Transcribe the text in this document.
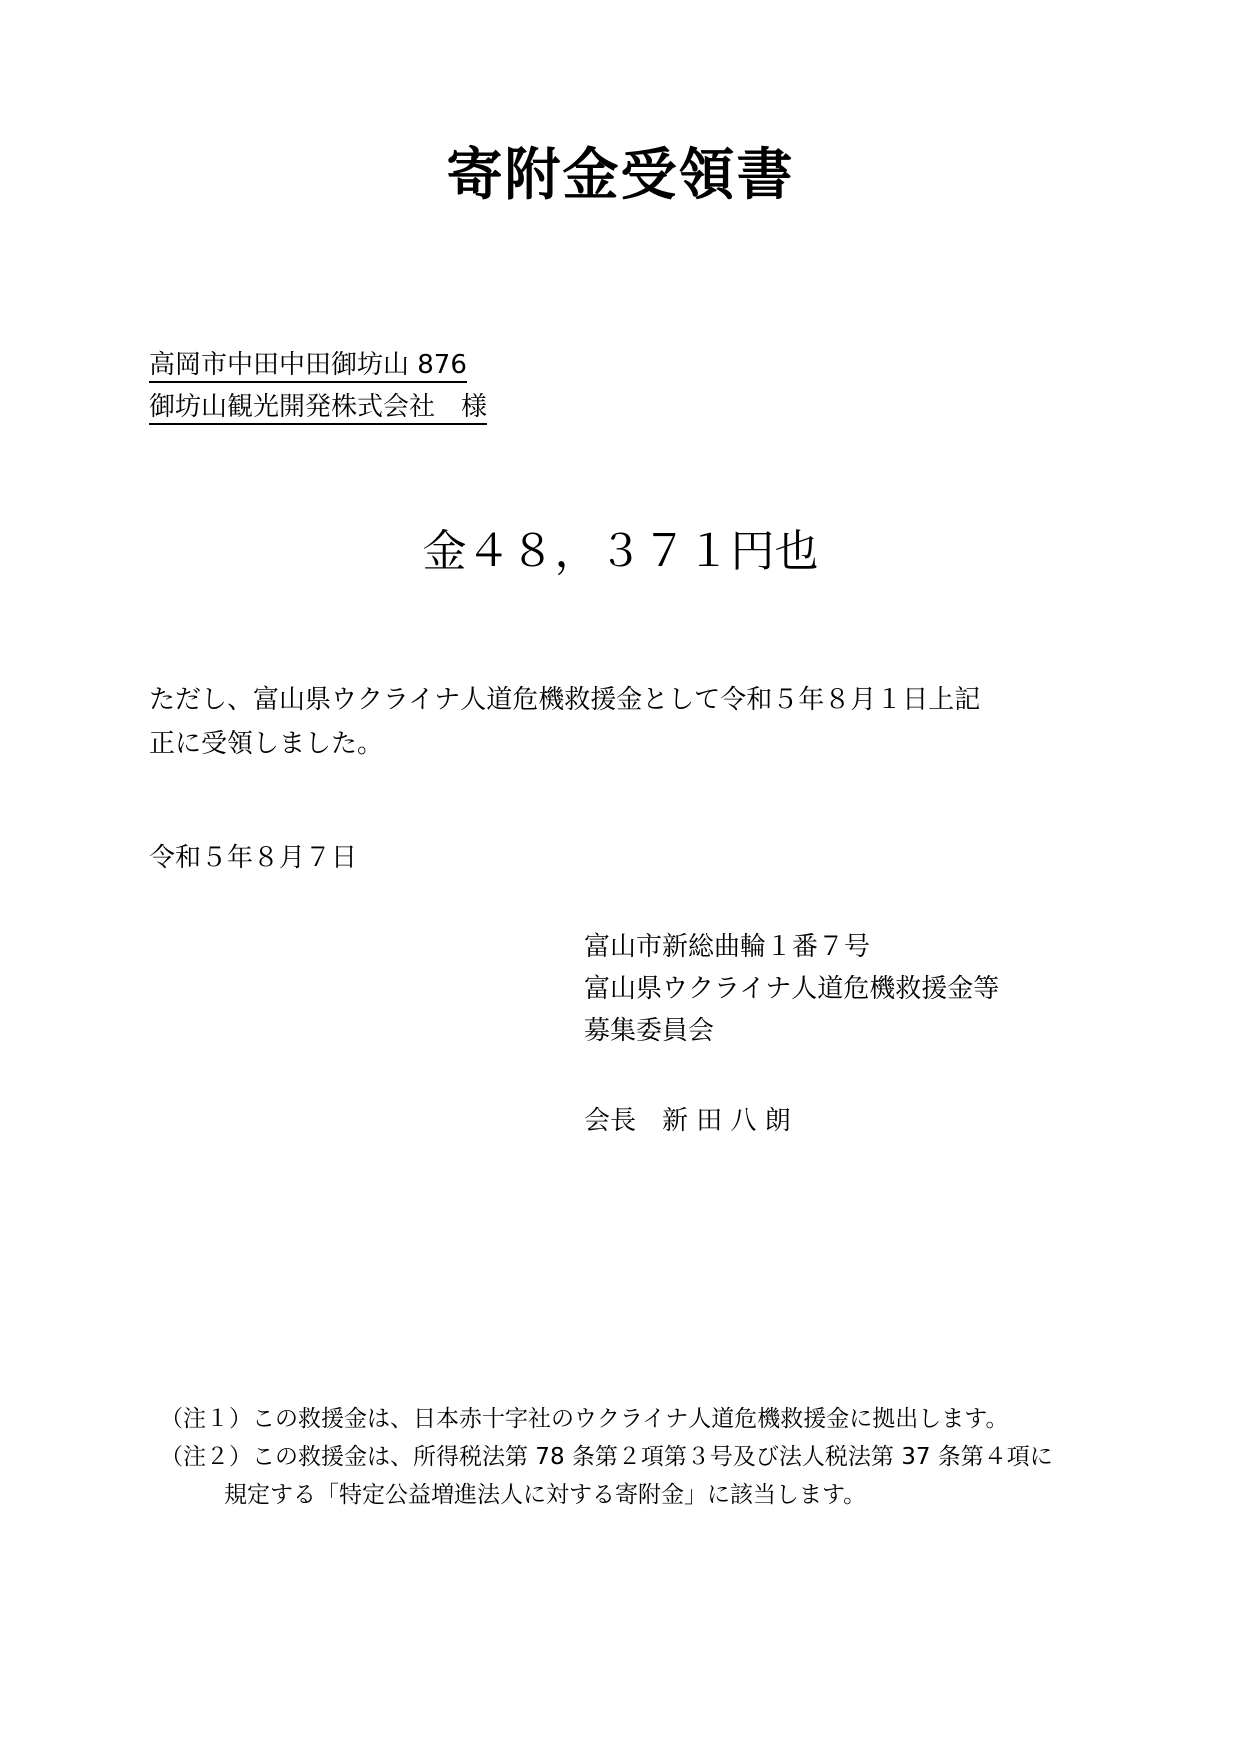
寄附金受領書
高岡市中田中田御坊山 876
御坊山観光開発株式会社　様
金４８，３７１円也
ただし、富山県ウクライナ人道危機救援金として令和５年８月１日上記
正に受領しました。
令和５年８月７日
富山市新総曲輪１番７号
富山県ウクライナ人道危機救援金等
募集委員会
会長　新 田 八 朗
（注１）この救援金は、日本赤十字社のウクライナ人道危機救援金に拠出します。
（注２）この救援金は、所得税法第 78 条第２項第３号及び法人税法第 37 条第４項に
規定する「特定公益増進法人に対する寄附金」に該当します。
